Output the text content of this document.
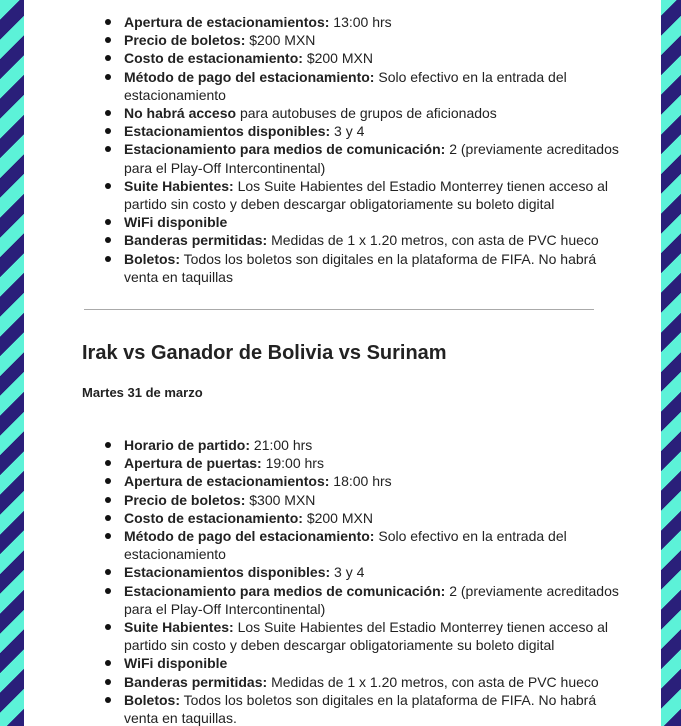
Apertura de estacionamientos: 13:00 hrs
Precio de boletos: $200 MXN
Costo de estacionamiento: $200 MXN
Método de pago del estacionamiento: Solo efectivo en la entrada del estacionamiento
No habrá acceso para autobuses de grupos de aficionados
Estacionamientos disponibles: 3 y 4
Estacionamiento para medios de comunicación: 2 (previamente acreditados para el Play-Off Intercontinental)
Suite Habientes: Los Suite Habientes del Estadio Monterrey tienen acceso al partido sin costo y deben descargar obligatoriamente su boleto digital
WiFi disponible
Banderas permitidas: Medidas de 1 x 1.20 metros, con asta de PVC hueco
Boletos: Todos los boletos son digitales en la plataforma de FIFA. No habrá venta en taquillas
Irak vs Ganador de Bolivia vs Surinam

Martes 31 de marzo

Horario de partido: 21:00 hrs
Apertura de puertas: 19:00 hrs
Apertura de estacionamientos: 18:00 hrs
Precio de boletos: $300 MXN
Costo de estacionamiento: $200 MXN
Método de pago del estacionamiento: Solo efectivo en la entrada del estacionamiento
Estacionamientos disponibles: 3 y 4
Estacionamiento para medios de comunicación: 2 (previamente acreditados para el Play-Off Intercontinental)
Suite Habientes: Los Suite Habientes del Estadio Monterrey tienen acceso al partido sin costo y deben descargar obligatoriamente su boleto digital
WiFi disponible
Banderas permitidas: Medidas de 1 x 1.20 metros, con asta de PVC hueco
Boletos: Todos los boletos son digitales en la plataforma de FIFA. No habrá venta en taquillas.
